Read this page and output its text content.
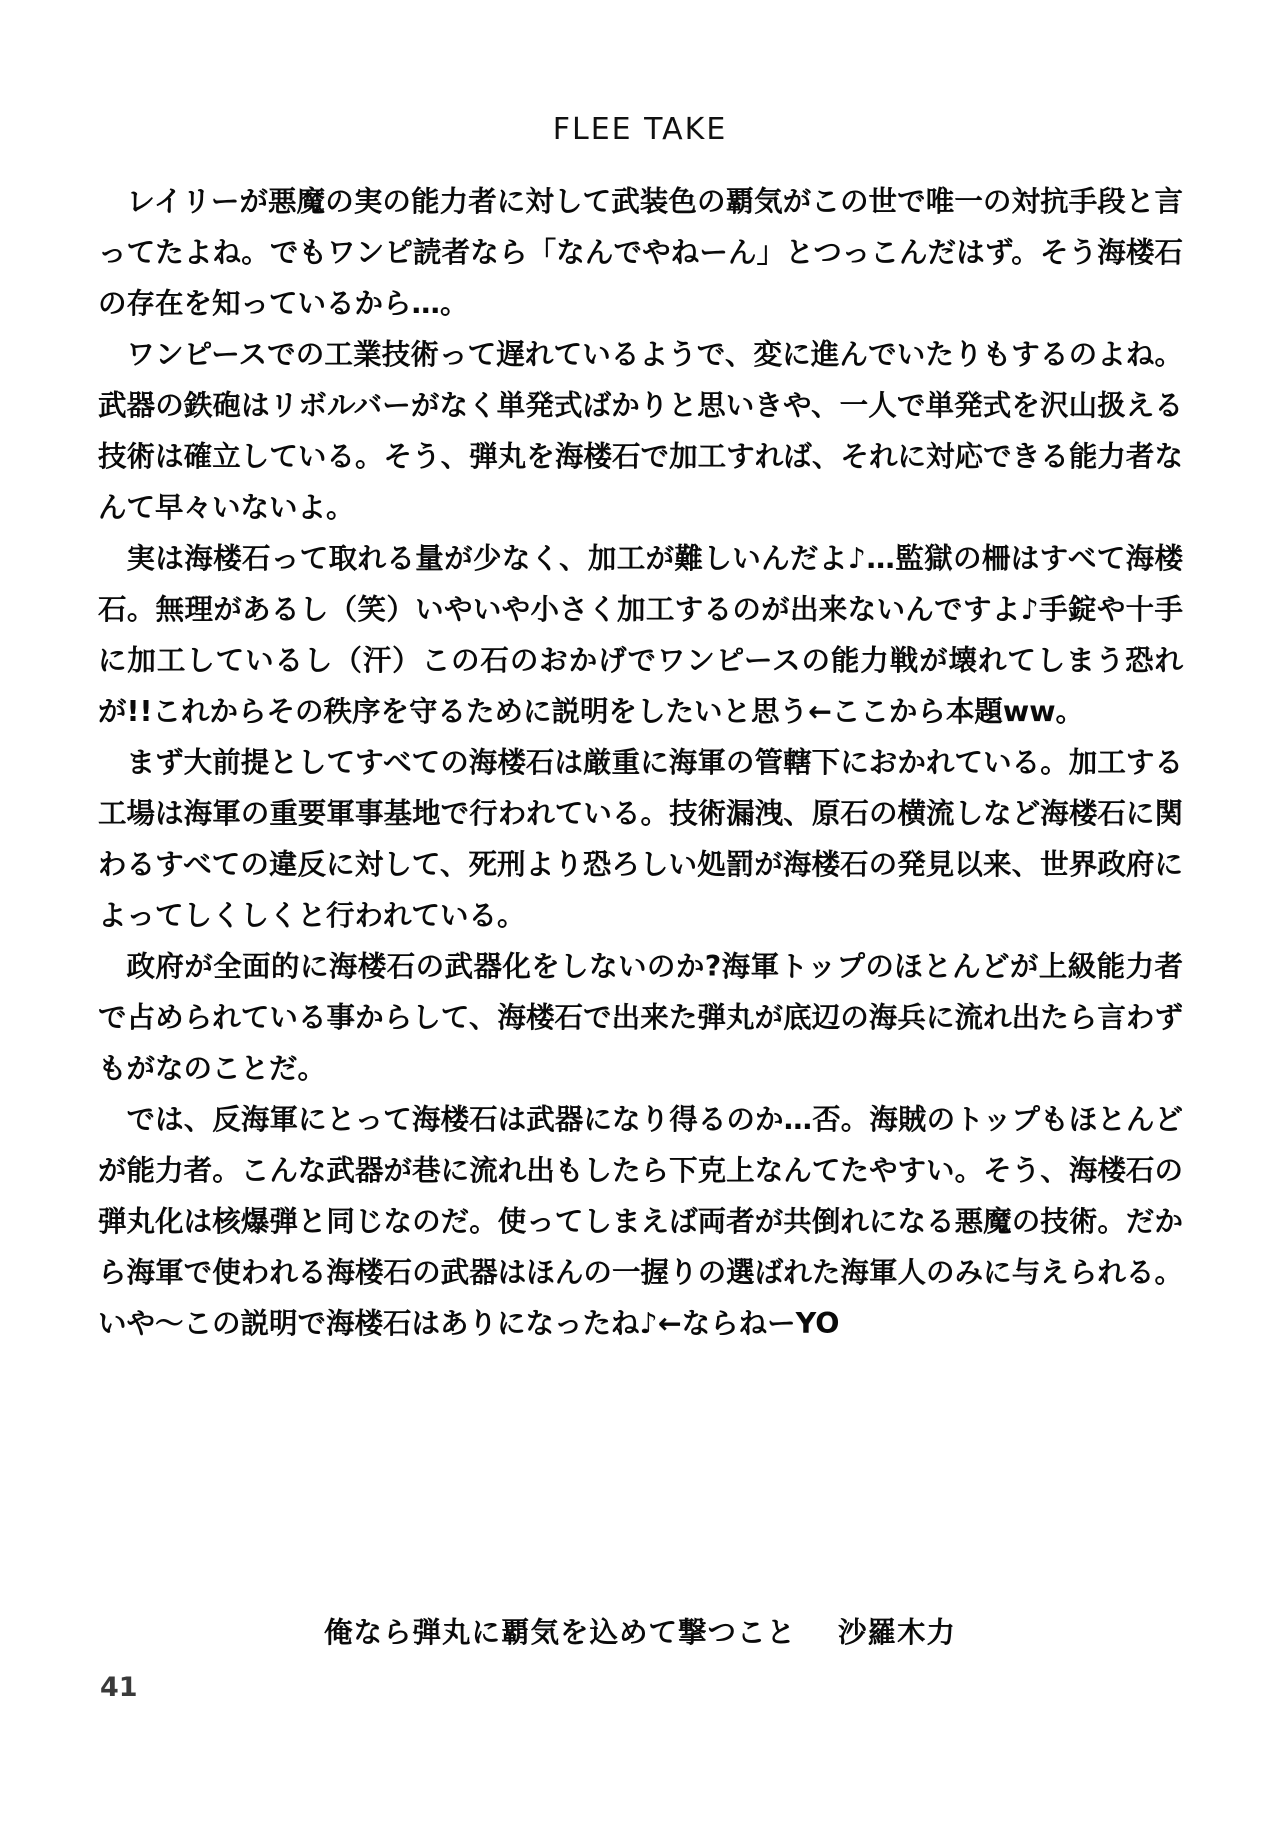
FLEE TAKE

レイリーが悪魔の実の能力者に対して武装色の覇気がこの世で唯一の対抗手段と言ってたよね。でもワンピ読者なら「なんでやねーん」とつっこんだはず。そう海楼石の存在を知っているから…。

ワンピースでの工業技術って遅れているようで、変に進んでいたりもするのよね。武器の鉄砲はリボルバーがなく単発式ばかりと思いきや、一人で単発式を沢山扱える技術は確立している。そう、弾丸を海楼石で加工すれば、それに対応できる能力者なんて早々いないよ。

実は海楼石って取れる量が少なく、加工が難しいんだよ♪…監獄の柵はすべて海楼石。無理があるし（笑）いやいや小さく加工するのが出来ないんですよ♪手錠や十手に加工しているし（汗）この石のおかげでワンピースの能力戦が壊れてしまう恐れが!!これからその秩序を守るために説明をしたいと思う←ここから本題ww。

まず大前提としてすべての海楼石は厳重に海軍の管轄下におかれている。加工する工場は海軍の重要軍事基地で行われている。技術漏洩、原石の横流しなど海楼石に関わるすべての違反に対して、死刑より恐ろしい処罰が海楼石の発見以来、世界政府によってしくしくと行われている。

政府が全面的に海楼石の武器化をしないのか?海軍トップのほとんどが上級能力者で占められている事からして、海楼石で出来た弾丸が底辺の海兵に流れ出たら言わずもがなのことだ。

では、反海軍にとって海楼石は武器になり得るのか…否。海賊のトップもほとんどが能力者。こんな武器が巷に流れ出もしたら下克上なんてたやすい。そう、海楼石の弾丸化は核爆弾と同じなのだ。使ってしまえば両者が共倒れになる悪魔の技術。だから海軍で使われる海楼石の武器はほんの一握りの選ばれた海軍人のみに与えられる。いや〜この説明で海楼石はありになったね♪←ならねーYO

俺なら弾丸に覇気を込めて撃つこと 沙羅木力
41
